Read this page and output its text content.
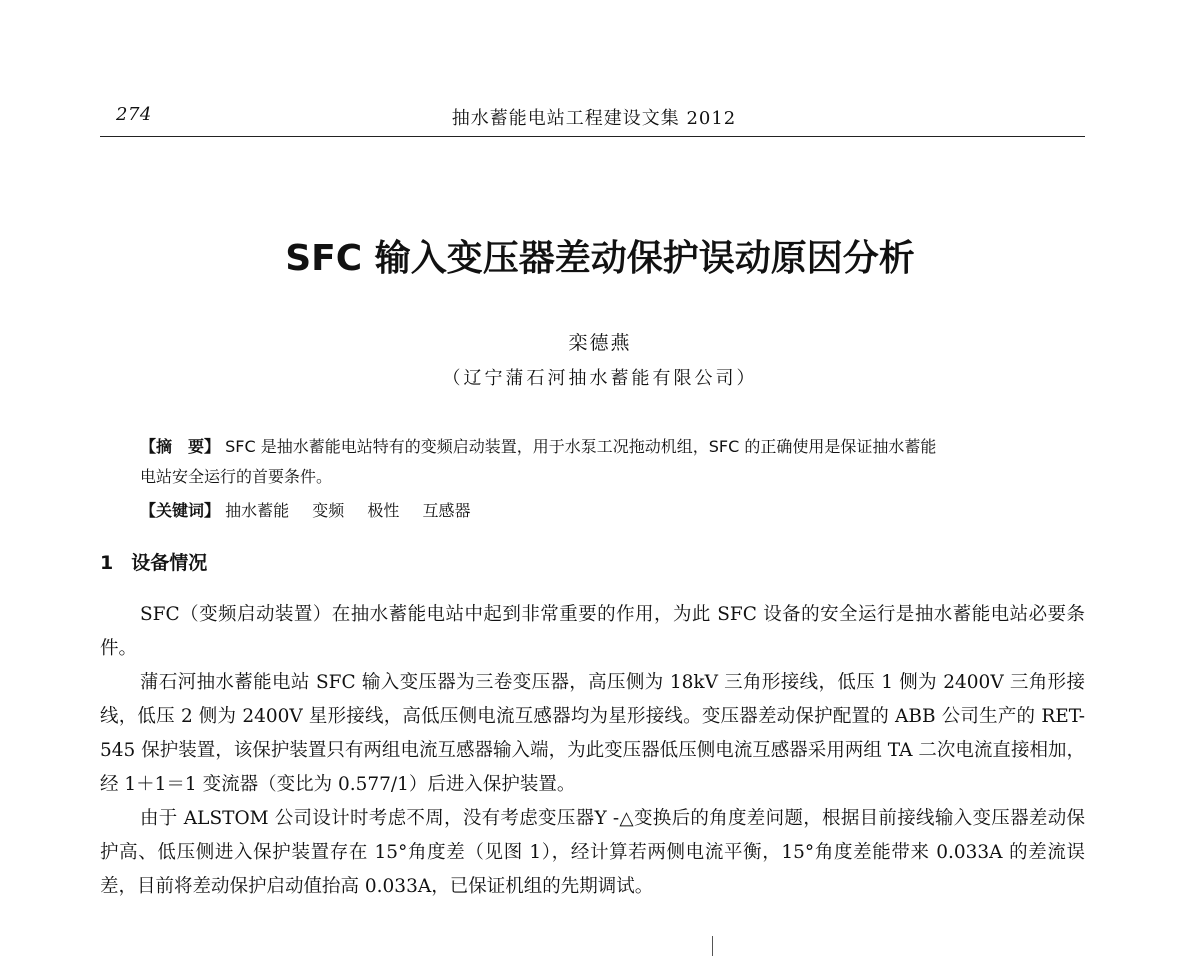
274	抽水蓄能电站工程建设文集 2012
SFC 输入变压器差动保护误动原因分析
栾德燕
（辽宁蒲石河抽水蓄能有限公司）
【摘　要】 SFC 是抽水蓄能电站特有的变频启动装置，用于水泵工况拖动机组，SFC 的正确使用是保证抽水蓄能
电站安全运行的首要条件。
【关键词】 抽水蓄能 变频 极性 互感器
1 设备情况

SFC（变频启动装置）在抽水蓄能电站中起到非常重要的作用，为此 SFC 设备的安全运行是抽水蓄能电站必要条件。

蒲石河抽水蓄能电站 SFC 输入变压器为三卷变压器，高压侧为 18kV 三角形接线，低压 1 侧为 2400V 三角形接线，低压 2 侧为 2400V 星形接线，高低压侧电流互感器均为星形接线。变压器差动保护配置的 ABB 公司生产的 RET-545 保护装置，该保护装置只有两组电流互感器输入端，为此变压器低压侧电流互感器采用两组 TA 二次电流直接相加，经 1＋1＝1 变流器（变比为 0.577/1）后进入保护装置。

由于 ALSTOM 公司设计时考虑不周，没有考虑变压器Y -△变换后的角度差问题，根据目前接线输入变压器差动保护高、低压侧进入保护装置存在 15°角度差（见图 1），经计算若两侧电流平衡，15°角度差能带来 0.033A 的差流误差，目前将差动保护启动值抬高 0.033A，已保证机组的先期调试。
